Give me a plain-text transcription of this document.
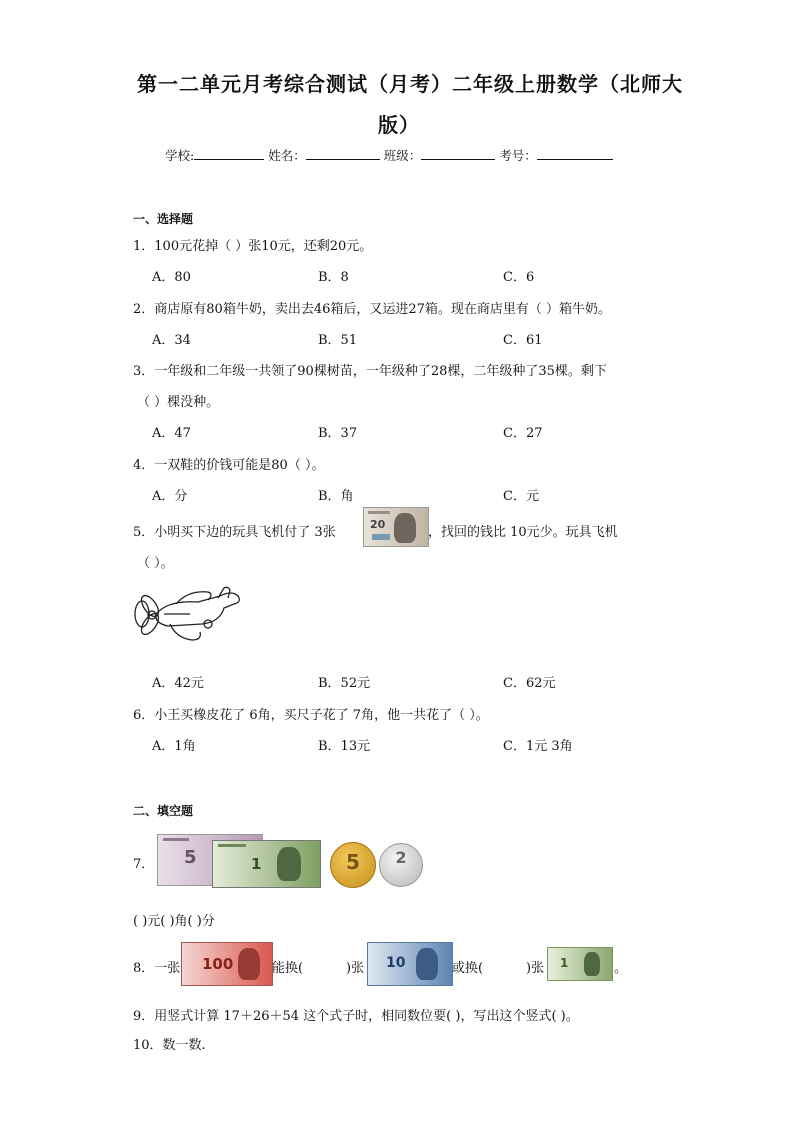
第一二单元月考综合测试（月考）二年级上册数学（北师大
版）
学校:	姓名：	班级：	考号：
一、选择题
1．100元花掉（ ）张10元，还剩20元。
A．80	B．8	C．6
2．商店原有80箱牛奶，卖出去46箱后，又运进27箱。现在商店里有（ ）箱牛奶。
A．34	B．51	C．61
3．一年级和二年级一共领了90棵树苗，一年级种了28棵，二年级种了35棵。剩下
（ ）棵没种。
A．47	B．37	C．27
4．一双鞋的价钱可能是80（ ）。
A．分	B．角	C．元
5．小明买下边的玩具飞机付了 3张
20
，找回的钱比 10元少。玩具飞机
（ ）。
A．42元	B．52元	C．62元
6．小王买橡皮花了 6角，买尺子花了 7角，他一共花了（ ）。
A．1角	B．13元	C．1元 3角
二、填空题
7． 5	1	5	2
( )元( )角( )分
8．一张 100	能换(	)张 10	或换(	)张 1	。
9．用竖式计算 17＋26＋54 这个式子时，相同数位要( )，写出这个竖式( )。
10．数一数.
